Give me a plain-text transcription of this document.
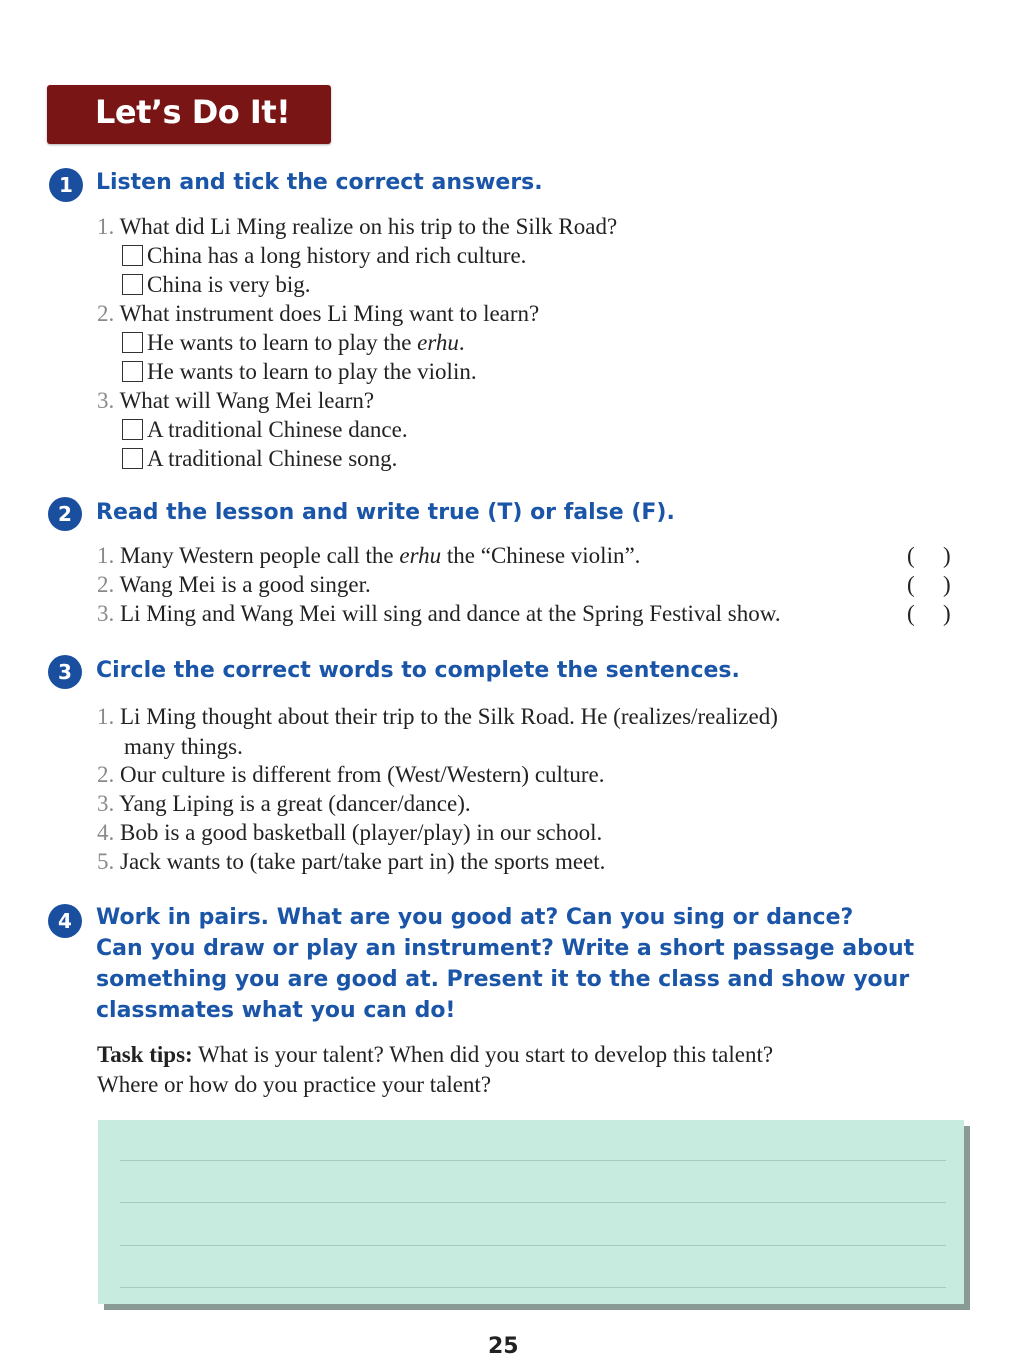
Let’s Do It!
1	Listen and tick the correct answers.
1. What did Li Ming realize on his trip to the Silk Road?
China has a long history and rich culture.
China is very big.
2. What instrument does Li Ming want to learn?
He wants to learn to play the erhu.
He wants to learn to play the violin.
3. What will Wang Mei learn?
A traditional Chinese dance.
A traditional Chinese song.
2	Read the lesson and write true (T) or false (F).
1. Many Western people call the erhu the “Chinese violin”.	( )
2. Wang Mei is a good singer.	( )
3. Li Ming and Wang Mei will sing and dance at the Spring Festival show.	( )
3	Circle the correct words to complete the sentences.
1. Li Ming thought about their trip to the Silk Road. He (realizes/realized)
many things.
2. Our culture is different from (West/Western) culture.
3. Yang Liping is a great (dancer/dance).
4. Bob is a good basketball (player/play) in our school.
5. Jack wants to (take part/take part in) the sports meet.
4	Work in pairs. What are you good at? Can you sing or dance?
Can you draw or play an instrument? Write a short passage about
something you are good at. Present it to the class and show your
classmates what you can do!
Task tips: What is your talent? When did you start to develop this talent?
Where or how do you practice your talent?
25
